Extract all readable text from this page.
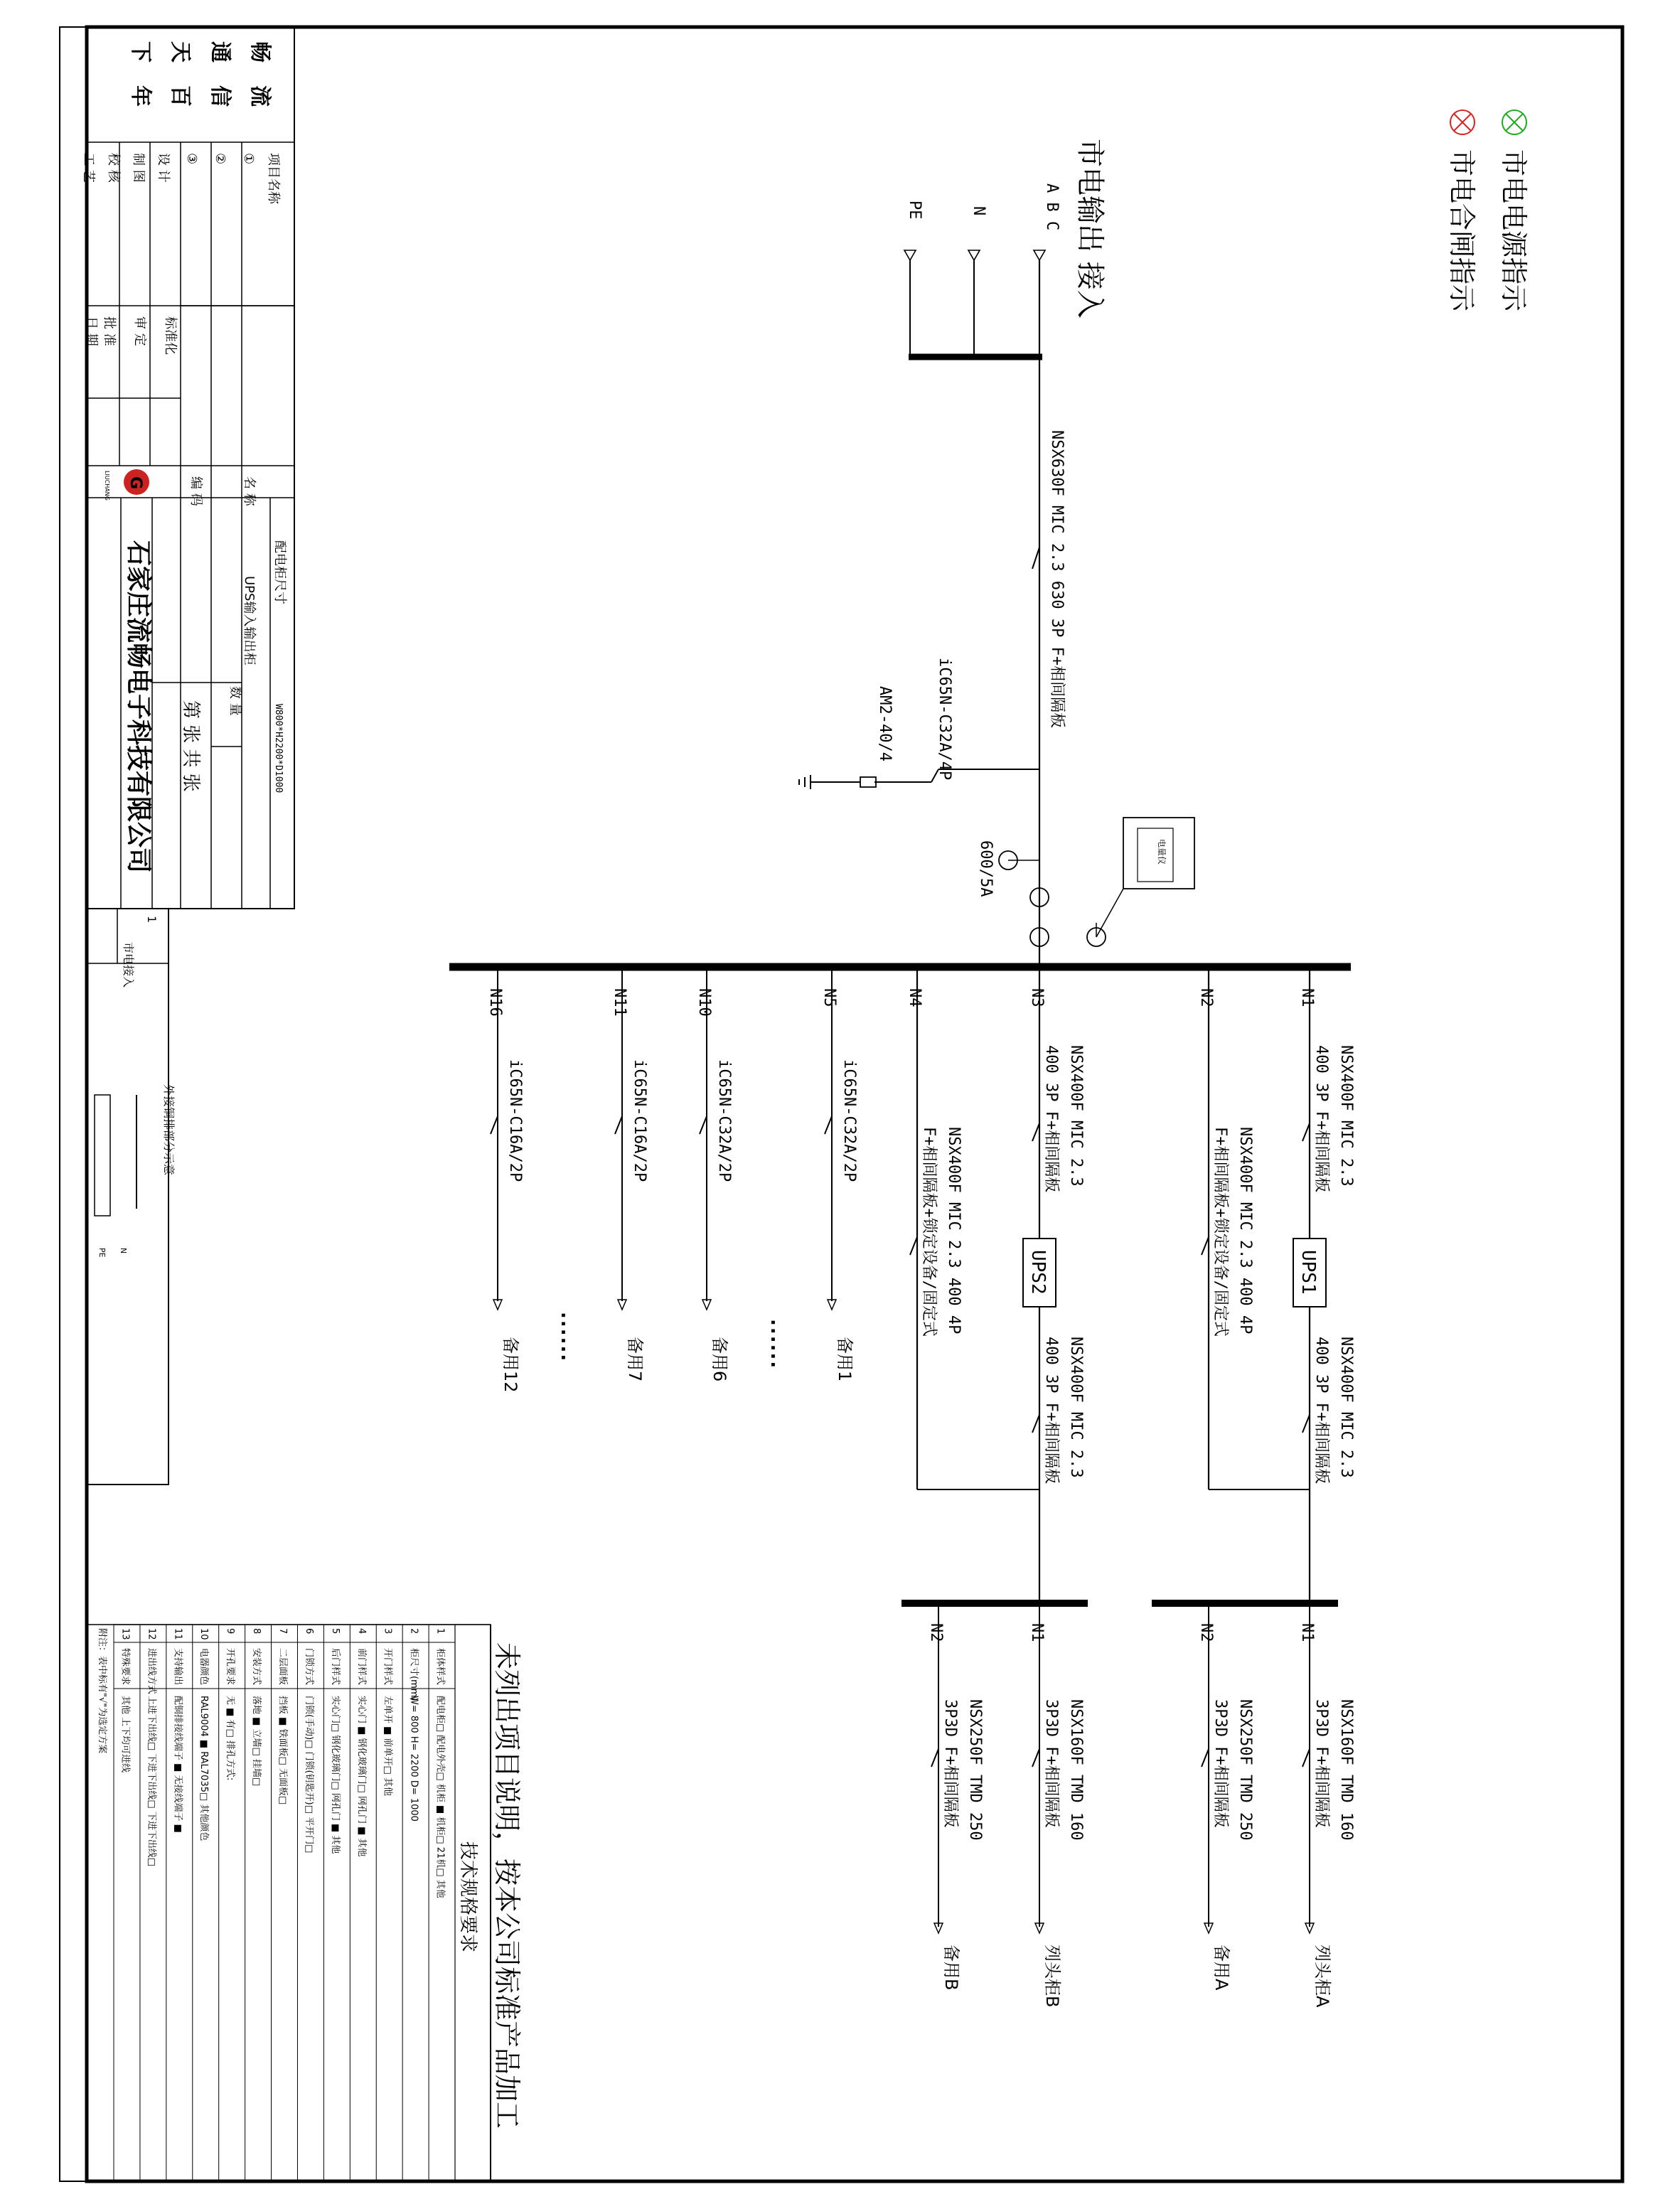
畅
流
通
信
天
百
下
年
项目名称
①
②
③
设 计
制 图
校 核
工 艺
标准化
审 定
批 准
日 期
配电柜尺寸
W800*H2200*D1000
名 称
UPS输入输出柜
数 量
编 码
第 张 共 张
G
LIUCHANG
石家庄流畅电子科技有限公司
1
市电接入
外接铜排部分示意
N
PE
未列出项目说明，按本公司标准产品加工
技术规格要求
1
柜体样式
配电柜□ 配电外壳□ 机柜 ■ 机柜□ 21机□ 其他
2
柜尺寸(mm)
W= 800 H= 2200 D= 1000
3
开门样式
左单开 ■ 前单开□ 其他
4
前门样式
实心门 ■ 钢化玻璃门□ 网孔门 ■ 其他
5
后门样式
实心门□ 钢化玻璃门□ 网孔门 ■ 其他
6
门锁方式
门锁(手动)□ 门锁(钥匙开)□ 平开门□
7
二层面板
挡板 ■ 铁面板□ 无面板□
8
安装方式
落地 ■ 立墙□ 挂墙□
9
开孔要求
无 ■ 有□ 排孔方式:
10
电器颜色
RAL9004 ■ RAL7035□ 其他颜色
11
支持输出
配铜排接线端子 ■ 无接线端子 ■
12
进出线方式
上进下出线□ 下进下出线□ 下进下出线□
13
特殊要求
其他 上下均可进线
附注：表中标有"√"为选定方案
市电电源指示
市电合闸指示
市电输出 接入
A B C
N
PE
NSX630F MIC 2.3 630 3P F+相间隔板
iC65N-C32A/4P
AM2-40/4
600/5A	电量仪
N1
NSX400F MIC 2.3
400 3P F+相间隔板
UPS1
NSX400F MIC 2.3
400 3P F+相间隔板
N3
NSX400F MIC 2.3
400 3P F+相间隔板
UPS2
NSX400F MIC 2.3
400 3P F+相间隔板
N2
NSX400F MIC 2.3 400 4P
F+相间隔板+锁定设备/固定式
N4
NSX400F MIC 2.3 400 4P
F+相间隔板+锁定设备/固定式
N5
iC65N-C32A/2P
备用1
N10
iC65N-C32A/2P
备用6
N11
iC65N-C16A/2P
备用7
N16
iC65N-C16A/2P
备用12	......
......
N1
NSX160F TMD 160
3P3D F+相间隔板
列头柜A
N2
NSX250F TMD 250
3P3D F+相间隔板
备用A
N1
NSX160F TMD 160
3P3D F+相间隔板
列头柜B
N2
NSX250F TMD 250
3P3D F+相间隔板
备用B
